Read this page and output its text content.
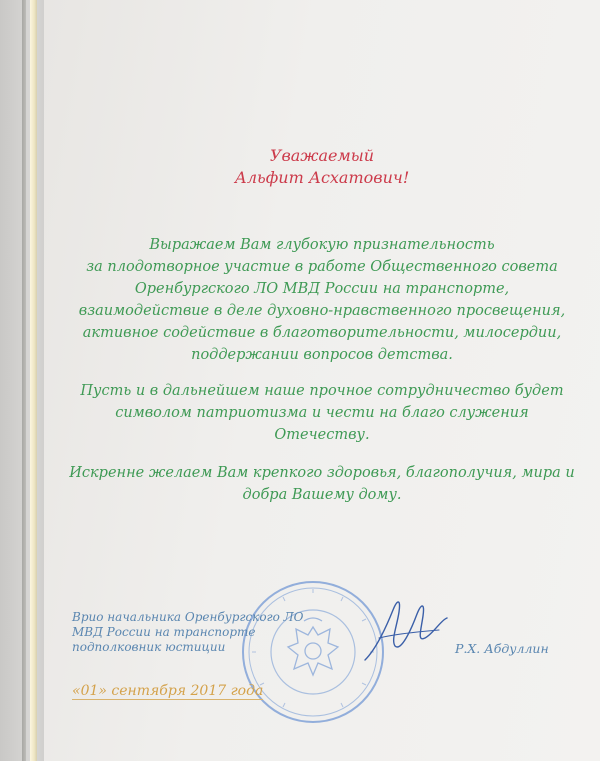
Уважаемый
Альфит Асхатович!
Выражаем Вам глубокую признательность
за плодотворное участие в работе Общественного совета
Оренбургского ЛО МВД России на транспорте,
взаимодействие в деле духовно-нравственного просвещения,
активное содействие в благотворительности, милосердии,
поддержании вопросов детства.
Пусть и в дальнейшем наше прочное сотрудничество будет
символом патриотизма и чести на благо служения
Отечеству.
Искренне желаем Вам крепкого здоровья, благополучия, мира и
добра Вашему дому.
Врио начальника Оренбургского ЛО
МВД России на транспорте
подполковник юстиции	Р.Х. Абдуллин
«01» сентября 2017 года
